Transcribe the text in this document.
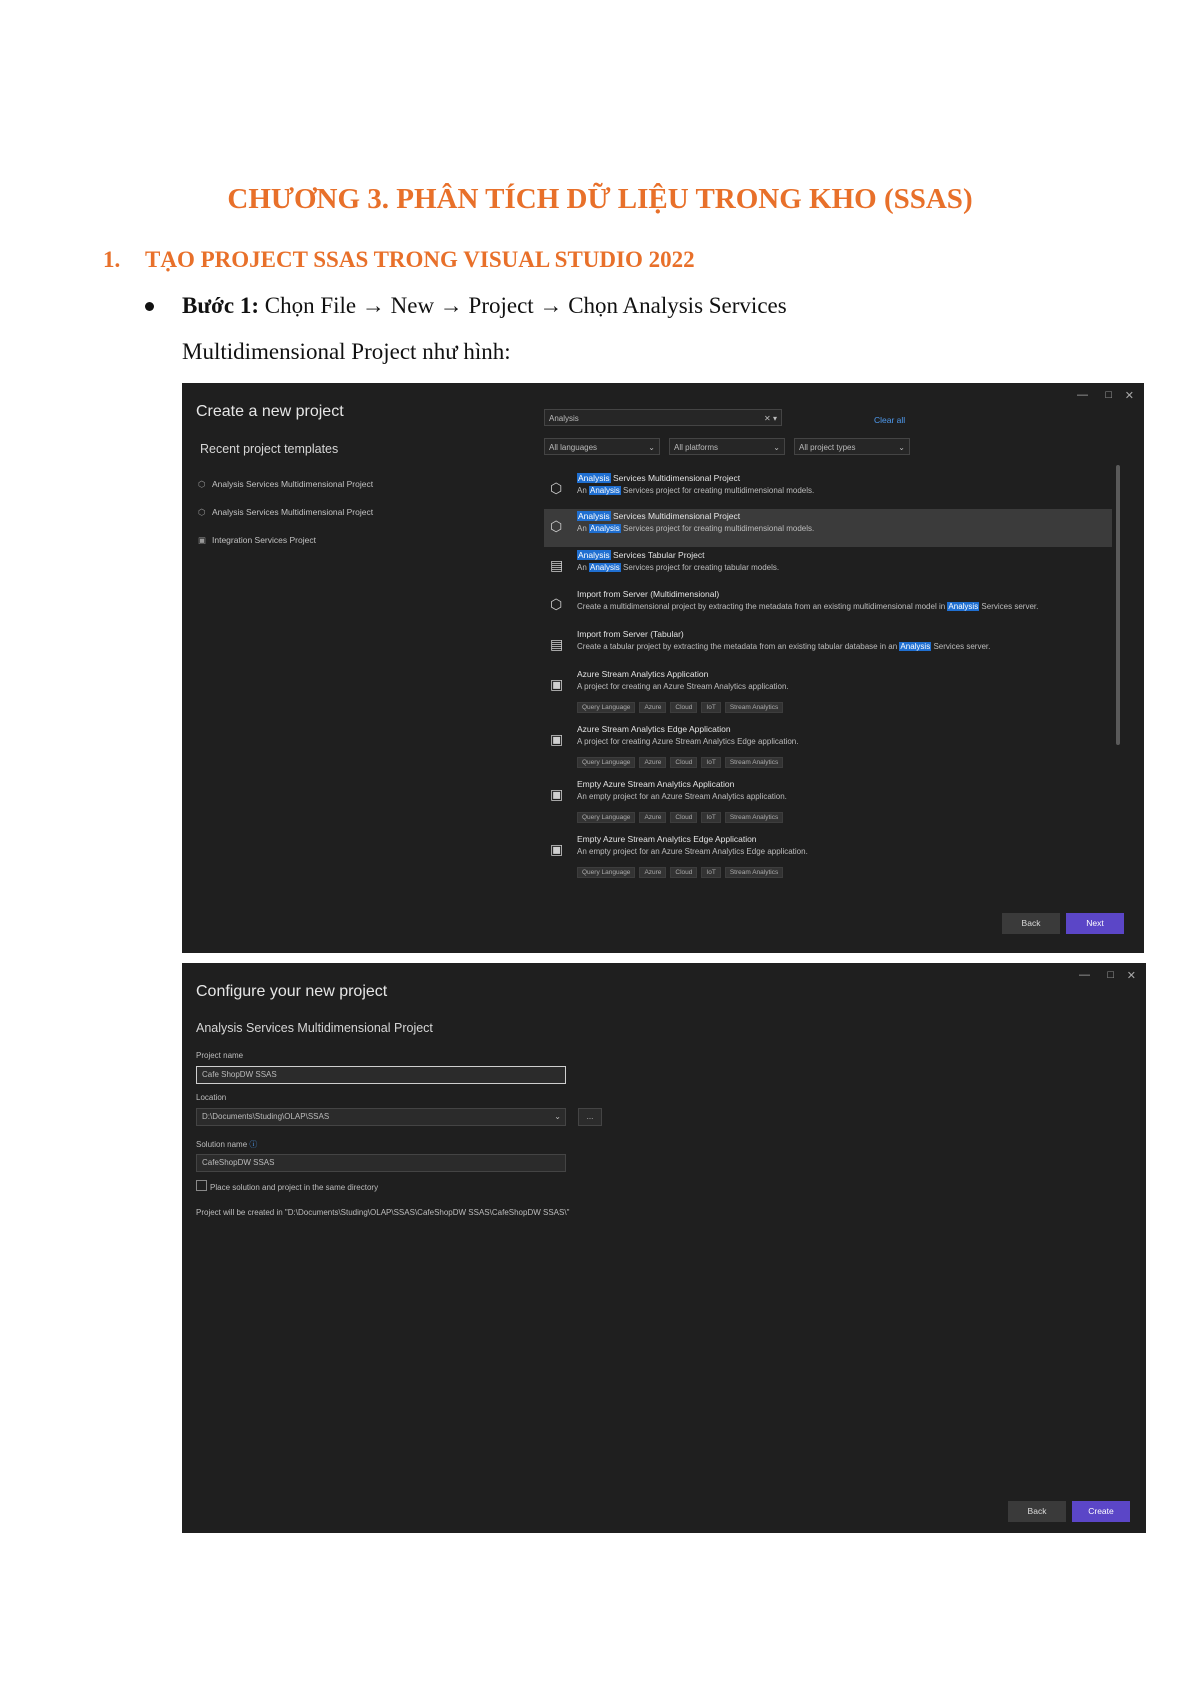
CHƯƠNG 3. PHÂN TÍCH DỮ LIỆU TRONG KHO (SSAS)
1. TẠO PROJECT SSAS TRONG VISUAL STUDIO 2022
Bước 1: Chọn File → New → Project → Chọn Analysis Services
Multidimensional Project như hình:
— □ ✕
Create a new project
Recent project templates
⬡ Analysis Services Multidimensional Project
⬡ Analysis Services Multidimensional Project
▣ Integration Services Project
Analysis	✕ ▾	Clear all
All languages	⌄	All platforms	⌄	All project types	⌄
⬡
Analysis Services Multidimensional Project
An Analysis Services project for creating multidimensional models.
⬡
Analysis Services Multidimensional Project
An Analysis Services project for creating multidimensional models.
▤
Analysis Services Tabular Project
An Analysis Services project for creating tabular models.
⬡
Import from Server (Multidimensional)
Create a multidimensional project by extracting the metadata from an existing multidimensional model in Analysis Services server.
▤
Import from Server (Tabular)
Create a tabular project by extracting the metadata from an existing tabular database in an Analysis Services server.
▣
Azure Stream Analytics Application
A project for creating an Azure Stream Analytics application.
Query Language Azure Cloud IoT Stream Analytics
▣
Azure Stream Analytics Edge Application
A project for creating Azure Stream Analytics Edge application.
Query Language Azure Cloud IoT Stream Analytics
▣
Empty Azure Stream Analytics Application
An empty project for an Azure Stream Analytics application.
Query Language Azure Cloud IoT Stream Analytics
▣
Empty Azure Stream Analytics Edge Application
An empty project for an Azure Stream Analytics Edge application.
Query Language Azure Cloud IoT Stream Analytics
Back	Next
— □ ✕
Configure your new project
Analysis Services Multidimensional Project
Project name
Cafe ShopDW SSAS
Location
D:\Documents\Studing\OLAP\SSAS	⌄	...
Solution name ⓘ
CafeShopDW SSAS
Place solution and project in the same directory
Project will be created in "D:\Documents\Studing\OLAP\SSAS\CafeShopDW SSAS\CafeShopDW SSAS\"
Back	Create
